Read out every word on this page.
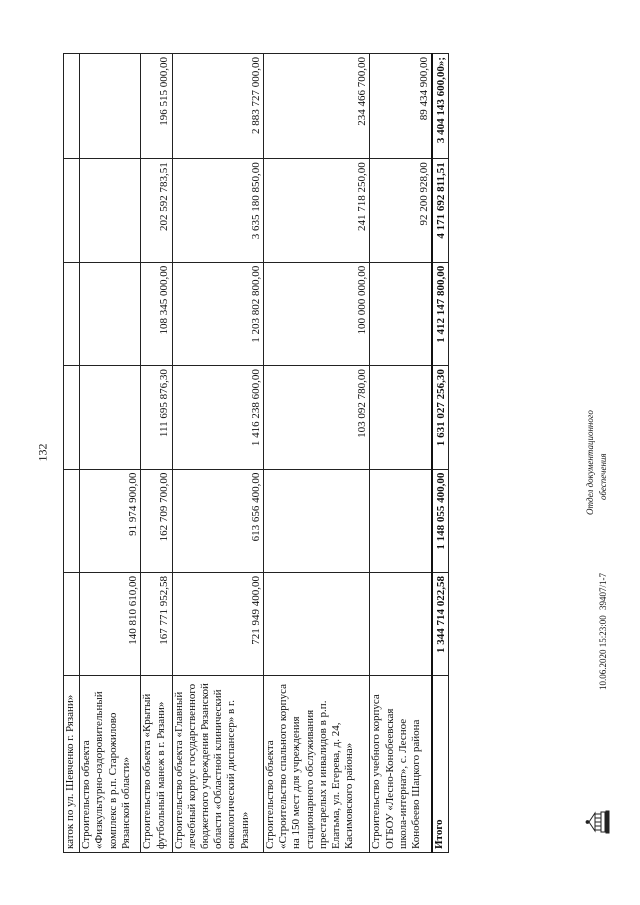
132
каток по ул. Шевченко г. Рязани»						
Строительство объекта «Физкультурно-оздоровительный комплекс в р.п. Старожилово Рязанской области»	140 810 610,00	91 974 900,00				
Строительство объекта «Крытый футбольный манеж в г. Рязани»	167 771 952,58	162 709 700,00	111 695 876,30	108 345 000,00	202 592 783,51	196 515 000,00
Строительство объекта «Главный лечебный корпус государственного бюджетного учреждения Рязанской области «Областной клинический онкологический диспансер» в г. Рязани»	721 949 400,00	613 656 400,00	1 416 238 600,00	1 203 802 800,00	3 635 180 850,00	2 883 727 000,00
Строительство объекта «Строительство спального корпуса на 150 мест для учреждения стационарного обслуживания престарелых и инвалидов в р.п. Елатьма, ул. Егерева, д. 24, Касимовского района»			103 092 780,00	100 000 000,00	241 718 250,00	234 466 700,00
Строительство учебного корпуса ОГБОУ «Лесно-Конобеевская школа-интернат», с. Лесное Конобеево Шацкого района					92 200 928,00	89 434 900,00
Итого	1 344 714 022,58	1 148 055 400,00	1 631 027 256,30	1 412 147 800,00	4 171 692 811,51	3 404 143 600,00»;
10.06.2020 15:23:00
39407/1-7
Отдел документационного обеспечения
